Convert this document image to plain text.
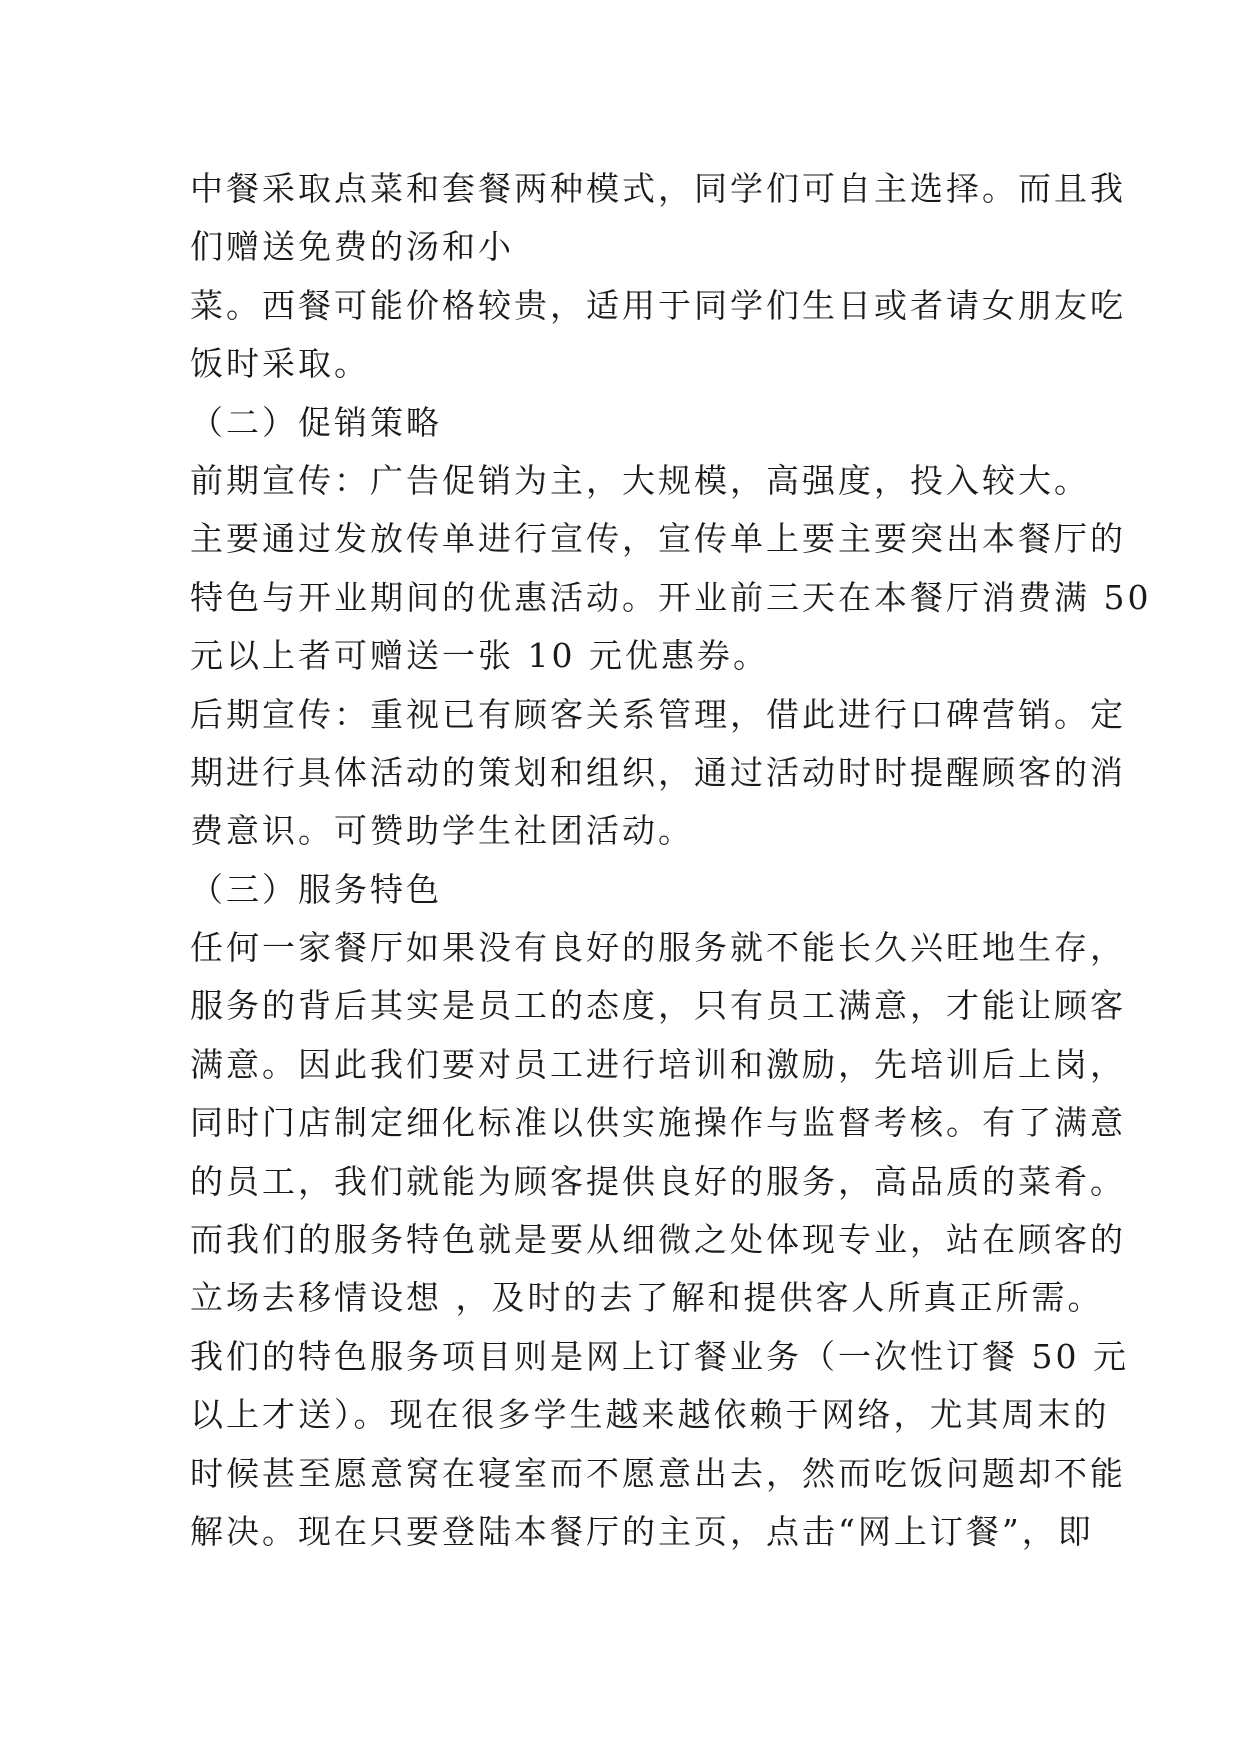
中餐采取点菜和套餐两种模式，同学们可自主选择。而且我
们赠送免费的汤和小
菜。西餐可能价格较贵，适用于同学们生日或者请女朋友吃
饭时采取。
（二）促销策略
前期宣传：广告促销为主，大规模，高强度，投入较大。
主要通过发放传单进行宣传，宣传单上要主要突出本餐厅的
特色与开业期间的优惠活动。开业前三天在本餐厅消费满 50
元以上者可赠送一张 10 元优惠券。
后期宣传：重视已有顾客关系管理，借此进行口碑营销。定
期进行具体活动的策划和组织，通过活动时时提醒顾客的消
费意识。可赞助学生社团活动。
（三）服务特色
任何一家餐厅如果没有良好的服务就不能长久兴旺地生存，
服务的背后其实是员工的态度，只有员工满意，才能让顾客
满意。因此我们要对员工进行培训和激励，先培训后上岗，
同时门店制定细化标准以供实施操作与监督考核。有了满意
的员工，我们就能为顾客提供良好的服务，高品质的菜肴。
而我们的服务特色就是要从细微之处体现专业，站在顾客的
立场去移情设想 ，及时的去了解和提供客人所真正所需。
我们的特色服务项目则是网上订餐业务（一次性订餐 50 元
以上才送）。现在很多学生越来越依赖于网络，尤其周末的
时候甚至愿意窝在寝室而不愿意出去，然而吃饭问题却不能
解决。现在只要登陆本餐厅的主页，点击“网上订餐”，即
